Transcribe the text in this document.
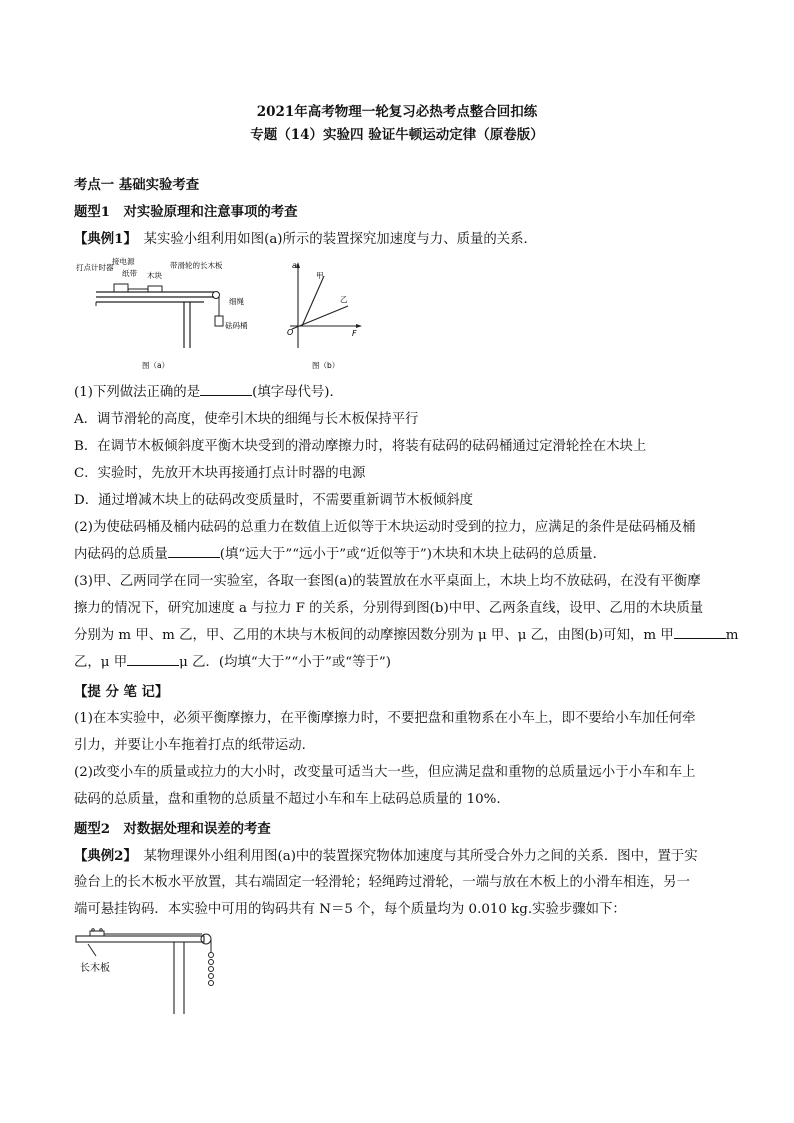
2021年高考物理一轮复习必热考点整合回扣练
专题（14）实验四 验证牛顿运动定律（原卷版）
考点一 基础实验考查
题型1　对实验原理和注意事项的考查
【典例1】　某实验小组利用如图(a)所示的装置探究加速度与力、质量的关系．
打点计时器
接电源
纸带 木块
带滑轮的长木板
细绳
砝码桶
图（a）
a
F
O
甲
乙
图（b）
(1)下列做法正确的是	(填字母代号)．
A．调节滑轮的高度，使牵引木块的细绳与长木板保持平行
B．在调节木板倾斜度平衡木块受到的滑动摩擦力时，将装有砝码的砝码桶通过定滑轮拴在木块上
C．实验时，先放开木块再接通打点计时器的电源
D．通过增减木块上的砝码改变质量时，不需要重新调节木板倾斜度
(2)为使砝码桶及桶内砝码的总重力在数值上近似等于木块运动时受到的拉力，应满足的条件是砝码桶及桶
内砝码的总质量	(填“远大于”“远小于”或“近似等于”)木块和木块上砝码的总质量．
(3)甲、乙两同学在同一实验室，各取一套图(a)的装置放在水平桌面上，木块上均不放砝码，在没有平衡摩
擦力的情况下，研究加速度 a 与拉力 F 的关系，分别得到图(b)中甲、乙两条直线，设甲、乙用的木块质量
分别为 m 甲、m 乙，甲、乙用的木块与木板间的动摩擦因数分别为 μ 甲、μ 乙，由图(b)可知，m 甲	m
乙，μ 甲	μ 乙．(均填“大于”“小于”或“等于”)
【提 分 笔 记】
(1)在本实验中，必须平衡摩擦力，在平衡摩擦力时，不要把盘和重物系在小车上，即不要给小车加任何牵
引力，并要让小车拖着打点的纸带运动．
(2)改变小车的质量或拉力的大小时，改变量可适当大一些，但应满足盘和重物的总质量远小于小车和车上
砝码的总质量，盘和重物的总质量不超过小车和车上砝码总质量的 10%.
题型2　对数据处理和误差的考查
【典例2】　某物理课外小组利用图(a)中的装置探究物体加速度与其所受合外力之间的关系．图中，置于实
验台上的长木板水平放置，其右端固定一轻滑轮；轻绳跨过滑轮，一端与放在木板上的小滑车相连，另一
端可悬挂钩码．本实验中可用的钩码共有 N＝5 个，每个质量均为 0.010 kg.实验步骤如下：
长木板
